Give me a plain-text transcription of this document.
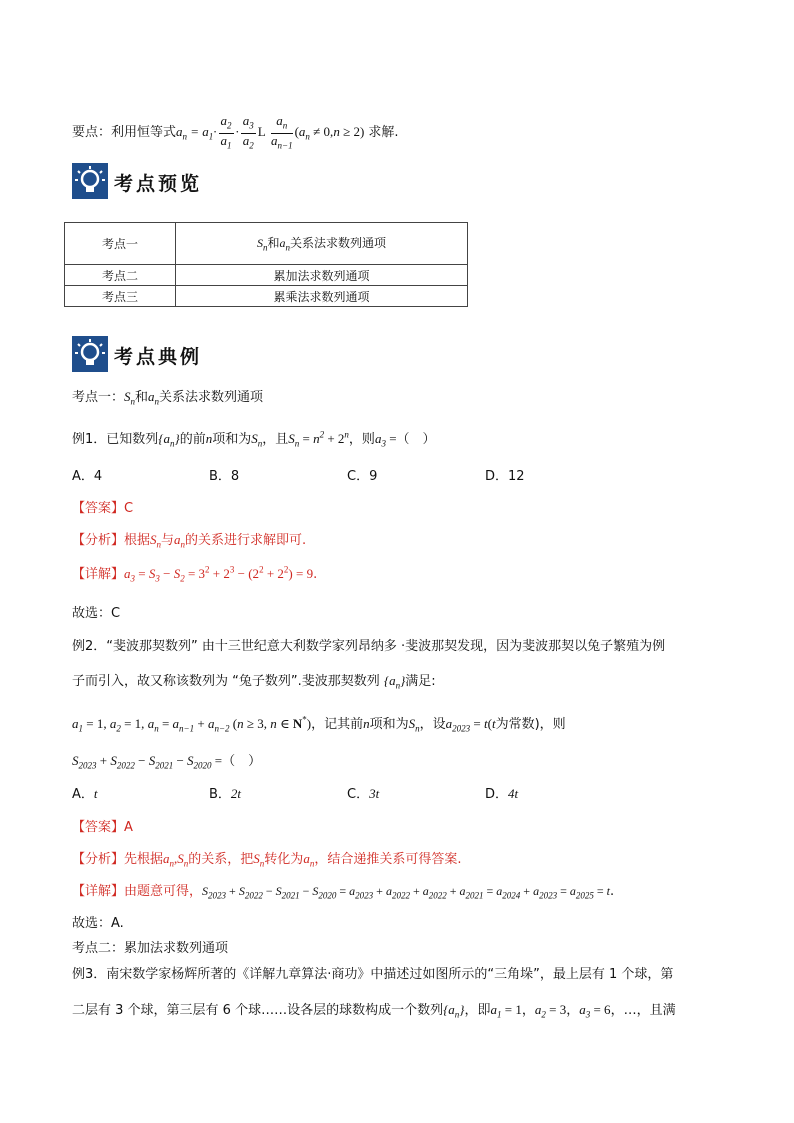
要点：利用恒等式$a_n = a_1\cdot \frac{a_2}{a_1} \cdot \frac{a_3}{a_2}$ L $\frac{a_n}{a_{n-1}} (a_n \ne 0,n \ge 2)$ 求解.
考点预览
考点一	$S_n$和$a_n$关系法求数列通项
考点二	累加法求数列通项
考点三	累乘法求数列通项
考点典例
考点一：$S_n$和$a_n$关系法求数列通项
例1．已知数列$\{a_n\}$的前n项和为$S_n$，且$S_n = n^2 + 2^n$，则$a_3$ =（　）
A．4	B．8	C．9	D．12
【答案】C
【分析】根据$S_n$与$a_n$的关系进行求解即可.
【详解】$a_3 = S_3 - S_2 = 3^2 + 2^3 - (2^2 + 2^2) = 9$.
故选：C
例2．“斐波那契数列” 由十三世纪意大利数学家列昂纳多 ·斐波那契发现，因为斐波那契以兔子繁殖为例
子而引入，故又称该数列为 “兔子数列”.斐波那契数列 $\{a_n\}$满足:
$a_1 = 1$, $a_2 = 1$, $a_n = a_{n-1} + a_{n-2}$ (n ≥ 3, n ∈ N*)，记其前n项和为$S_n$，设$a_{2023} = t(t$为常数)，则
$S_{2023} + S_{2022} - S_{2021} - S_{2020}$ =（　）
A．t	B．2t	C．3t	D．4t
【答案】A
【分析】先根据$a_n,S_n$的关系，把$S_n$转化为$a_n$，结合递推关系可得答案.
【详解】由题意可得，$S_{2023} + S_{2022} - S_{2021} - S_{2020} = a_{2023} + a_{2022} + a_{2022} + a_{2021} = a_{2024} + a_{2023} = a_{2025} = t$.
故选：A.
考点二：累加法求数列通项
例3．南宋数学家杨辉所著的《详解九章算法·商功》中描述过如图所示的“三角垛”，最上层有 1 个球，第
二层有 3 个球，第三层有 6 个球……设各层的球数构成一个数列$\{a_n\}$，即$a_1 = 1$，$a_2 = 3$，$a_3 = 6$，…，且满
